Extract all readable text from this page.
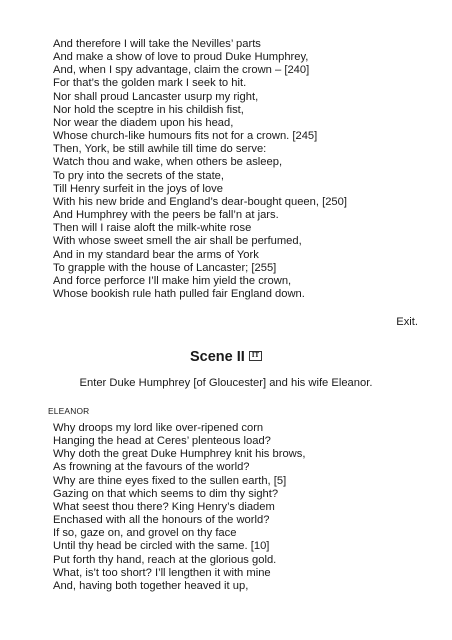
And therefore I will take the Nevilles’ parts
And make a show of love to proud Duke Humphrey,
And, when I spy advantage, claim the crown – [240]
For that’s the golden mark I seek to hit.
Nor shall proud Lancaster usurp my right,
Nor hold the sceptre in his childish fist,
Nor wear the diadem upon his head,
Whose church-like humours fits not for a crown. [245]
Then, York, be still awhile till time do serve:
Watch thou and wake, when others be asleep,
To pry into the secrets of the state,
Till Henry surfeit in the joys of love
With his new bride and England’s dear-bought queen, [250]
And Humphrey with the peers be fall’n at jars.
Then will I raise aloft the milk-white rose
With whose sweet smell the air shall be perfumed,
And in my standard bear the arms of York
To grapple with the house of Lancaster; [255]
And force perforce I’ll make him yield the crown,
Whose bookish rule hath pulled fair England down.
Exit.
Scene II IT
Enter Duke Humphrey [of Gloucester] and his wife Eleanor.
ELEANOR
Why droops my lord like over-ripened corn
Hanging the head at Ceres’ plenteous load?
Why doth the great Duke Humphrey knit his brows,
As frowning at the favours of the world?
Why are thine eyes fixed to the sullen earth, [5]
Gazing on that which seems to dim thy sight?
What seest thou there? King Henry’s diadem
Enchased with all the honours of the world?
If so, gaze on, and grovel on thy face
Until thy head be circled with the same. [10]
Put forth thy hand, reach at the glorious gold.
What, is’t too short? I’ll lengthen it with mine
And, having both together heaved it up,
